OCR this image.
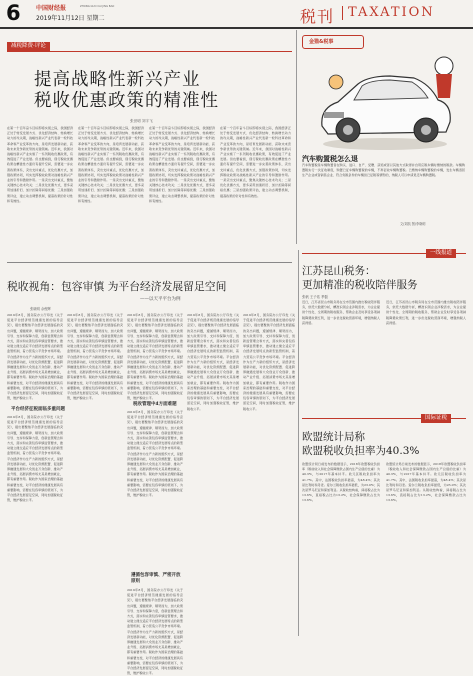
6	中国财经报	ZHONG GUO CAI JING BAO
2019年11月12日 星期二	税刊 TAXATION
减税降费·评论
提高战略性新兴产业
税收优惠政策的精准性
张世明 刘宇飞
在第一个百年奋斗目标即将实现之际，我国经济正处于转变发展方式、优化经济结构、转换增长动力的攻关期，战略性新兴产业代表新一轮科技革命和产业变革的方向，是培育发展新动能、获取未来竞争新优势的关键领域。近年来，我国对战略性新兴产业实施了一系列税收优惠政策，有效促进了产业发展。但也要看到，现行税收优惠政策在精准性方面仍有提升空间，需要进一步完善政策体系，突出支持重点，优化优惠方式，加强政策协同，切实发挥税收政策对战略性新兴产业的引导和激励作用。一是突出支持重点，聚焦关键核心技术攻关；二是优化优惠方式，更多采用加速折旧、加计扣除等间接优惠；三是加强政策评估，建立动态调整机制，提高政策的针对性和有效性。
在第一个百年奋斗目标即将实现之际，我国经济正处于转变发展方式、优化经济结构、转换增长动力的攻关期，战略性新兴产业代表新一轮科技革命和产业变革的方向，是培育发展新动能、获取未来竞争新优势的关键领域。近年来，我国对战略性新兴产业实施了一系列税收优惠政策，有效促进了产业发展。但也要看到，现行税收优惠政策在精准性方面仍有提升空间，需要进一步完善政策体系，突出支持重点，优化优惠方式，加强政策协同，切实发挥税收政策对战略性新兴产业的引导和激励作用。一是突出支持重点，聚焦关键核心技术攻关；二是优化优惠方式，更多采用加速折旧、加计扣除等间接优惠；三是加强政策评估，建立动态调整机制，提高政策的针对性和有效性。
在第一个百年奋斗目标即将实现之际，我国经济正处于转变发展方式、优化经济结构、转换增长动力的攻关期，战略性新兴产业代表新一轮科技革命和产业变革的方向，是培育发展新动能、获取未来竞争新优势的关键领域。近年来，我国对战略性新兴产业实施了一系列税收优惠政策，有效促进了产业发展。但也要看到，现行税收优惠政策在精准性方面仍有提升空间，需要进一步完善政策体系，突出支持重点，优化优惠方式，加强政策协同，切实发挥税收政策对战略性新兴产业的引导和激励作用。一是突出支持重点，聚焦关键核心技术攻关；二是优化优惠方式，更多采用加速折旧、加计扣除等间接优惠；三是加强政策评估，建立动态调整机制，提高政策的针对性和有效性。
在第一个百年奋斗目标即将实现之际，我国经济正处于转变发展方式、优化经济结构、转换增长动力的攻关期，战略性新兴产业代表新一轮科技革命和产业变革的方向，是培育发展新动能、获取未来竞争新优势的关键领域。近年来，我国对战略性新兴产业实施了一系列税收优惠政策，有效促进了产业发展。但也要看到，现行税收优惠政策在精准性方面仍有提升空间，需要进一步完善政策体系，突出支持重点，优化优惠方式，加强政策协同，切实发挥税收政策对战略性新兴产业的引导和激励作用。一是突出支持重点，聚焦关键核心技术攻关；二是优化优惠方式，更多采用加速折旧、加计扣除等间接优惠；三是加强政策评估，建立动态调整机制，提高政策的针对性和有效性。
金猫&税事
汽车购置税怎么退
汽车购置税是车辆购置者在购买、进口、自产、受赠、获奖或者以其他方式取得并自用应税车辆时缴纳的税款。车辆购置税实行一次征收制度，购置已征车辆购置税的车辆，不再征收车辆购置税。已缴纳车辆购置税的车辆，发生车辆退回生产企业或者销售企业、符合免税条件的车辆但已征税等情形的，纳税人可以申请退还车辆购置税。
文/刘凯 图/李晓明
一线报道
江苏昆山税务：
更加精准的税收陪伴服务
张帆 王子佑 季磊
近日，江苏省昆山市税务局在全市范围内推出税收陪伴服务，依托大数据分析，精准识别企业涉税需求，为企业提供个性化、全周期的税收服务，帮助企业及时享受各项减税降费政策红利，进一步优化税收营商环境，增强纳税人获得感。
近日，江苏省昆山市税务局在全市范围内推出税收陪伴服务，依托大数据分析，精准识别企业涉税需求，为企业提供个性化、全周期的税收服务，帮助企业及时享受各项减税降费政策红利，进一步优化税收营商环境，增强纳税人获得感。
税收视角：包容审慎 为平台经济发展留足空间
——以天平平台为例
张晓明 余俊辉
2019年8月，国务院办公厅印发《关于促进平台经济规范健康发展的指导意见》，提出要聚焦平台经济发展面临的突出问题，遵循规律、顺势而为，加大政策引导、支持和保障力度，创新监管理念和方式，落实和完善包容审慎监管要求，推动建立健全适应平台经济发展特点的新型监管机制，着力营造公平竞争市场环境。平台经济作为生产力新的组织方式，是经济发展新动能，对优化资源配置、促进跨界融通发展和大众创业万众创新、推动产业升级、拓展消费市场尤其是增加就业，都有重要作用。税收作为国家治理的基础和重要支柱，对平台经济的健康发展具有重要影响，需要在包容审慎的原则下，为平台经济发展留足空间，同时加强税收征管，维护税收公平。
平台经济征税面临多重问题
2019年8月，国务院办公厅印发《关于促进平台经济规范健康发展的指导意见》，提出要聚焦平台经济发展面临的突出问题，遵循规律、顺势而为，加大政策引导、支持和保障力度，创新监管理念和方式，落实和完善包容审慎监管要求，推动建立健全适应平台经济发展特点的新型监管机制，着力营造公平竞争市场环境。平台经济作为生产力新的组织方式，是经济发展新动能，对优化资源配置、促进跨界融通发展和大众创业万众创新、推动产业升级、拓展消费市场尤其是增加就业，都有重要作用。税收作为国家治理的基础和重要支柱，对平台经济的健康发展具有重要影响，需要在包容审慎的原则下，为平台经济发展留足空间，同时加强税收征管，维护税收公平。
2019年8月，国务院办公厅印发《关于促进平台经济规范健康发展的指导意见》，提出要聚焦平台经济发展面临的突出问题，遵循规律、顺势而为，加大政策引导、支持和保障力度，创新监管理念和方式，落实和完善包容审慎监管要求，推动建立健全适应平台经济发展特点的新型监管机制，着力营造公平竞争市场环境。平台经济作为生产力新的组织方式，是经济发展新动能，对优化资源配置、促进跨界融通发展和大众创业万众创新、推动产业升级、拓展消费市场尤其是增加就业，都有重要作用。税收作为国家治理的基础和重要支柱，对平台经济的健康发展具有重要影响，需要在包容审慎的原则下，为平台经济发展留足空间，同时加强税收征管，维护税收公平。
2019年8月，国务院办公厅印发《关于促进平台经济规范健康发展的指导意见》，提出要聚焦平台经济发展面临的突出问题，遵循规律、顺势而为，加大政策引导、支持和保障力度，创新监管理念和方式，落实和完善包容审慎监管要求，推动建立健全适应平台经济发展特点的新型监管机制，着力营造公平竞争市场环境。平台经济作为生产力新的组织方式，是经济发展新动能，对优化资源配置、促进跨界融通发展和大众创业万众创新、推动产业升级、拓展消费市场尤其是增加就业，都有重要作用。税收作为国家治理的基础和重要支柱，对平台经济的健康发展具有重要影响，需要在包容审慎的原则下，为平台经济发展留足空间，同时加强税收征管，维护税收公平。
税收管理中4方面难题
2019年8月，国务院办公厅印发《关于促进平台经济规范健康发展的指导意见》，提出要聚焦平台经济发展面临的突出问题，遵循规律、顺势而为，加大政策引导、支持和保障力度，创新监管理念和方式，落实和完善包容审慎监管要求，推动建立健全适应平台经济发展特点的新型监管机制，着力营造公平竞争市场环境。平台经济作为生产力新的组织方式，是经济发展新动能，对优化资源配置、促进跨界融通发展和大众创业万众创新、推动产业升级、拓展消费市场尤其是增加就业，都有重要作用。税收作为国家治理的基础和重要支柱，对平台经济的健康发展具有重要影响，需要在包容审慎的原则下，为平台经济发展留足空间，同时加强税收征管，维护税收公平。
遵循包容审慎、严密开放原则
2019年8月，国务院办公厅印发《关于促进平台经济规范健康发展的指导意见》，提出要聚焦平台经济发展面临的突出问题，遵循规律、顺势而为，加大政策引导、支持和保障力度，创新监管理念和方式，落实和完善包容审慎监管要求，推动建立健全适应平台经济发展特点的新型监管机制，着力营造公平竞争市场环境。平台经济作为生产力新的组织方式，是经济发展新动能，对优化资源配置、促进跨界融通发展和大众创业万众创新、推动产业升级、拓展消费市场尤其是增加就业，都有重要作用。税收作为国家治理的基础和重要支柱，对平台经济的健康发展具有重要影响，需要在包容审慎的原则下，为平台经济发展留足空间，同时加强税收征管，维护税收公平。
2019年8月，国务院办公厅印发《关于促进平台经济规范健康发展的指导意见》，提出要聚焦平台经济发展面临的突出问题，遵循规律、顺势而为，加大政策引导、支持和保障力度，创新监管理念和方式，落实和完善包容审慎监管要求，推动建立健全适应平台经济发展特点的新型监管机制，着力营造公平竞争市场环境。平台经济作为生产力新的组织方式，是经济发展新动能，对优化资源配置、促进跨界融通发展和大众创业万众创新、推动产业升级、拓展消费市场尤其是增加就业，都有重要作用。税收作为国家治理的基础和重要支柱，对平台经济的健康发展具有重要影响，需要在包容审慎的原则下，为平台经济发展留足空间，同时加强税收征管，维护税收公平。
2019年8月，国务院办公厅印发《关于促进平台经济规范健康发展的指导意见》，提出要聚焦平台经济发展面临的突出问题，遵循规律、顺势而为，加大政策引导、支持和保障力度，创新监管理念和方式，落实和完善包容审慎监管要求，推动建立健全适应平台经济发展特点的新型监管机制，着力营造公平竞争市场环境。平台经济作为生产力新的组织方式，是经济发展新动能，对优化资源配置、促进跨界融通发展和大众创业万众创新、推动产业升级、拓展消费市场尤其是增加就业，都有重要作用。税收作为国家治理的基础和重要支柱，对平台经济的健康发展具有重要影响，需要在包容审慎的原则下，为平台经济发展留足空间，同时加强税收征管，维护税收公平。
国际证税
欧盟统计局称
欧盟税收负担率为40.3%
欧盟统计局日前发布的数据显示，2018年欧盟税收负担率（税收收入和社会保障缴款占国内生产总值的比重）为40.3%，与2017年基本持平。欧元区税收负担率为41.7%。其中，法国税收负担率最高，为48.4%；其次是比利时和丹麦。爱尔兰税收负担率最低，为23.0%；其次是罗马尼亚和保加利亚。从税收结构看，间接税占比为13.6%，直接税占比为13.2%，社会保障缴款占比为13.6%。
欧盟统计局日前发布的数据显示，2018年欧盟税收负担率（税收收入和社会保障缴款占国内生产总值的比重）为40.3%，与2017年基本持平。欧元区税收负担率为41.7%。其中，法国税收负担率最高，为48.4%；其次是比利时和丹麦。爱尔兰税收负担率最低，为23.0%；其次是罗马尼亚和保加利亚。从税收结构看，间接税占比为13.6%，直接税占比为13.2%，社会保障缴款占比为13.6%。
